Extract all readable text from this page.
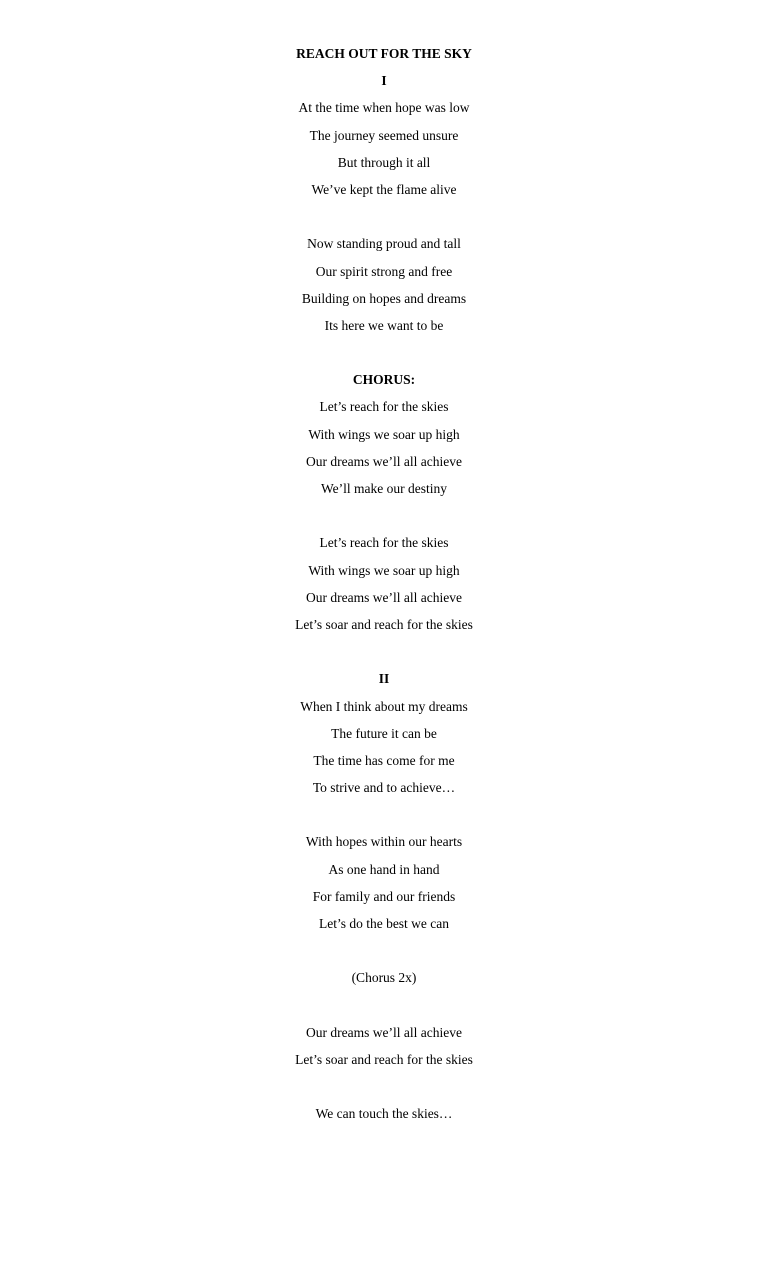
REACH OUT FOR THE SKY
I
At the time when hope was low
The journey seemed unsure
But through it all
We’ve kept the flame alive
Now standing proud and tall
Our spirit strong and free
Building on hopes and dreams
Its here we want to be
CHORUS:
Let’s reach for the skies
With wings we soar up high
Our dreams we’ll all achieve
We’ll make our destiny
Let’s reach for the skies
With wings we soar up high
Our dreams we’ll all achieve
Let’s soar and reach for the skies
II
When I think about my dreams
The future it can be
The time has come for me
To strive and to achieve…
With hopes within our hearts
As one hand in hand
For family and our friends
Let’s do the best we can
(Chorus 2x)
Our dreams we’ll all achieve
Let’s soar and reach for the skies
We can touch the skies…
